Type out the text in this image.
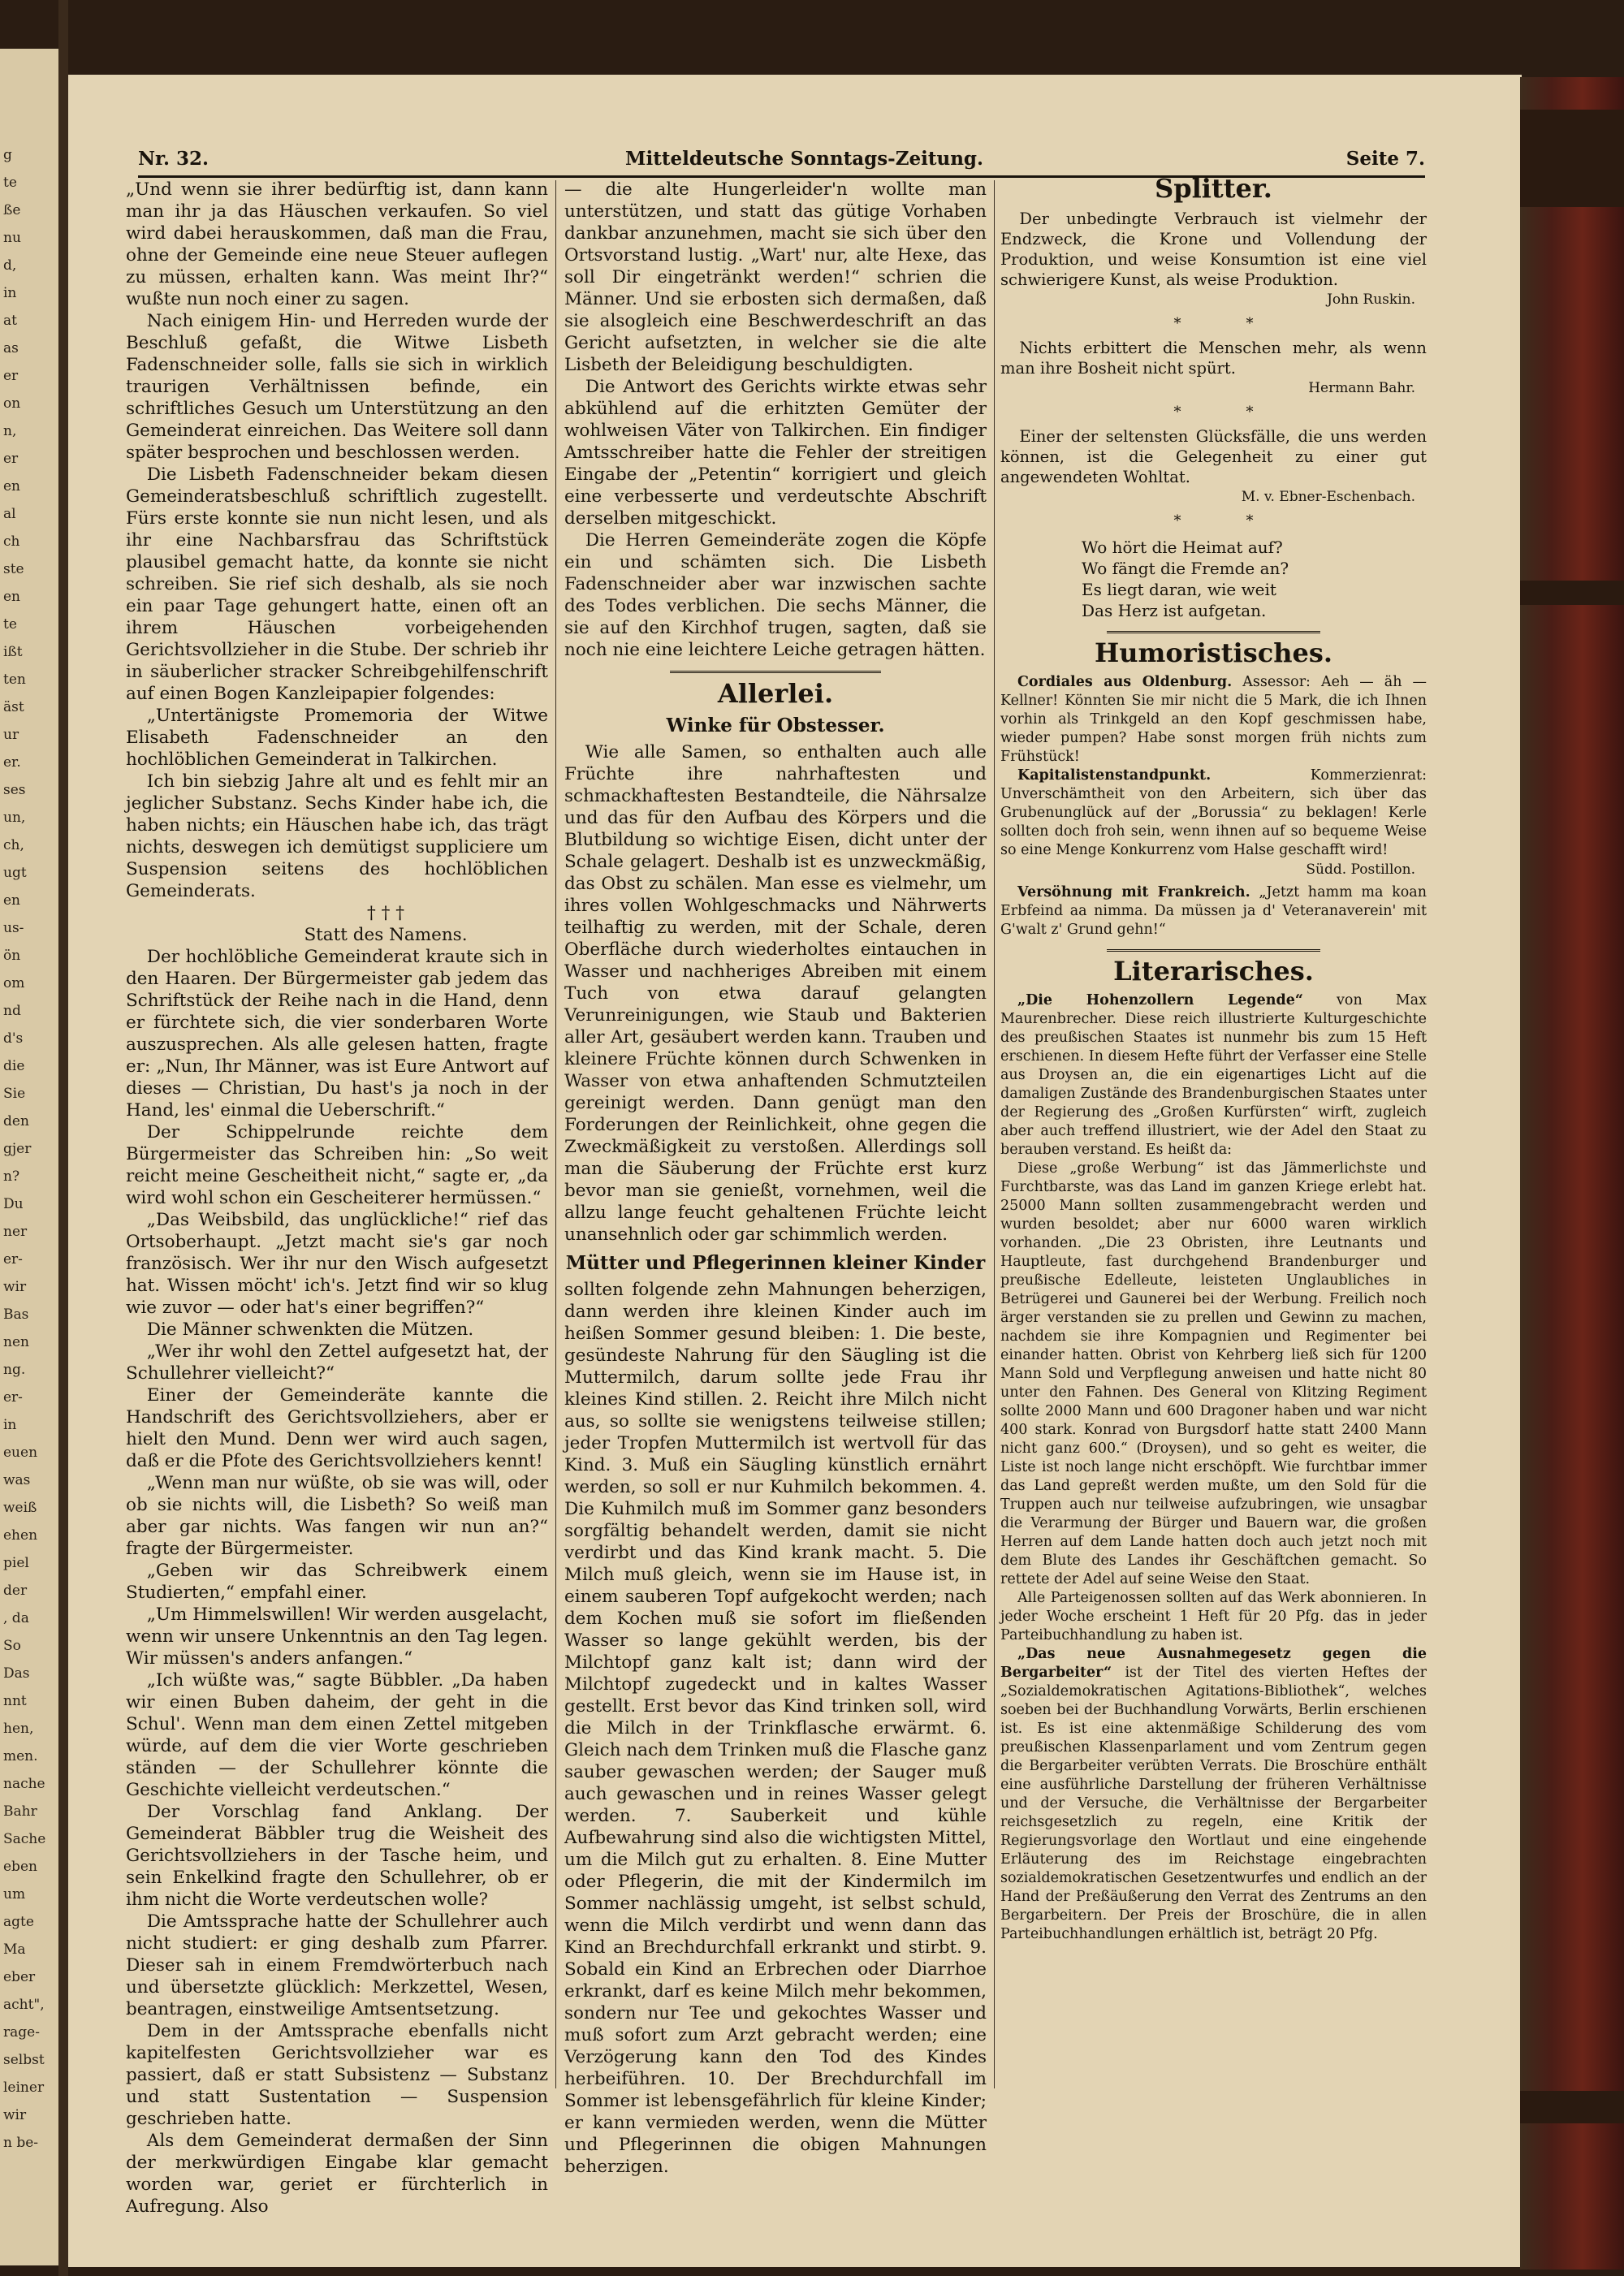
g
te
ße
nu
d,
in
at
as
er
on
n,
er
en
al
ch
ste
en
te
ißt
ten
äst
ur
er.
ses
un,
ch,
ugt
en
us-
ön
om
nd
d's
die
Sie
den
gjer
n?
Du
ner
er-
wir
Bas
nen
ng.
er-
in
euen
was
weiß
ehen
piel
der
, da
So
Das
nnt
hen,
men.
nache
Bahr
Sache
eben
um
agte
Ma
eber
acht",
rage-
selbst
leiner
wir
n be-
Nr. 32.	Mitteldeutsche Sonntags-Zeitung.	Seite 7.

„Und wenn sie ihrer bedürftig ist, dann kann man ihr ja das Häuschen verkaufen. So viel wird dabei herauskommen, daß man die Frau, ohne der Gemeinde eine neue Steuer auflegen zu müssen, erhalten kann. Was meint Ihr?“ wußte nun noch einer zu sagen.

Nach einigem Hin- und Herreden wurde der Beschluß gefaßt, die Witwe Lisbeth Fadenschneider solle, falls sie sich in wirklich traurigen Verhältnissen befinde, ein schriftliches Gesuch um Unterstützung an den Gemeinderat einreichen. Das Weitere soll dann später besprochen und beschlossen werden.

Die Lisbeth Fadenschneider bekam diesen Gemeinderatsbeschluß schriftlich zugestellt. Fürs erste konnte sie nun nicht lesen, und als ihr eine Nachbarsfrau das Schriftstück plausibel gemacht hatte, da konnte sie nicht schreiben. Sie rief sich deshalb, als sie noch ein paar Tage gehungert hatte, einen oft an ihrem Häuschen vorbeigehenden Gerichtsvollzieher in die Stube. Der schrieb ihr in säuberlicher stracker Schreibgehilfenschrift auf einen Bogen Kanzleipapier folgendes:

„Untertänigste Promemoria der Witwe Elisabeth Fadenschneider an den hochlöblichen Gemeinderat in Talkirchen.

Ich bin siebzig Jahre alt und es fehlt mir an jeglicher Substanz. Sechs Kinder habe ich, die haben nichts; ein Häuschen habe ich, das trägt nichts, deswegen ich demütigst suppliciere um Suspension seitens des hochlöblichen Gemeinderats.

† † †
Statt des Namens.

Der hochlöbliche Gemeinderat kraute sich in den Haaren. Der Bürgermeister gab jedem das Schriftstück der Reihe nach in die Hand, denn er fürchtete sich, die vier sonderbaren Worte auszusprechen. Als alle gelesen hatten, fragte er: „Nun, Ihr Männer, was ist Eure Antwort auf dieses — Christian, Du hast's ja noch in der Hand, les' einmal die Ueberschrift.“

Der Schippelrunde reichte dem Bürgermeister das Schreiben hin: „So weit reicht meine Gescheitheit nicht,“ sagte er, „da wird wohl schon ein Gescheiterer hermüssen.“

„Das Weibsbild, das unglückliche!“ rief das Ortsoberhaupt. „Jetzt macht sie's gar noch französisch. Wer ihr nur den Wisch aufgesetzt hat. Wissen möcht' ich's. Jetzt find wir so klug wie zuvor — oder hat's einer begriffen?“

Die Männer schwenkten die Mützen.

„Wer ihr wohl den Zettel aufgesetzt hat, der Schullehrer vielleicht?“

Einer der Gemeinderäte kannte die Handschrift des Gerichtsvollziehers, aber er hielt den Mund. Denn wer wird auch sagen, daß er die Pfote des Gerichtsvollziehers kennt!

„Wenn man nur wüßte, ob sie was will, oder ob sie nichts will, die Lisbeth? So weiß man aber gar nichts. Was fangen wir nun an?“ fragte der Bürgermeister.

„Geben wir das Schreibwerk einem Studierten,“ empfahl einer.

„Um Himmelswillen! Wir werden ausgelacht, wenn wir unsere Unkenntnis an den Tag legen. Wir müssen's anders anfangen.“

„Ich wüßte was,“ sagte Bübbler. „Da haben wir einen Buben daheim, der geht in die Schul'. Wenn man dem einen Zettel mitgeben würde, auf dem die vier Worte geschrieben ständen — der Schullehrer könnte die Geschichte vielleicht verdeutschen.“

Der Vorschlag fand Anklang. Der Gemeinderat Bäbbler trug die Weisheit des Gerichtsvollziehers in der Tasche heim, und sein Enkelkind fragte den Schullehrer, ob er ihm nicht die Worte verdeutschen wolle?

Die Amtssprache hatte der Schullehrer auch nicht studiert: er ging deshalb zum Pfarrer. Dieser sah in einem Fremdwörterbuch nach und übersetzte glücklich: Merkzettel, Wesen, beantragen, einstweilige Amtsentsetzung.

Dem in der Amtssprache ebenfalls nicht kapitelfesten Gerichtsvollzieher war es passiert, daß er statt Subsistenz — Substanz und statt Sustentation — Suspension geschrieben hatte.

Als dem Gemeinderat dermaßen der Sinn der merkwürdigen Eingabe klar gemacht worden war, geriet er fürchterlich in Aufregung. Also

— die alte Hungerleider'n wollte man unterstützen, und statt das gütige Vorhaben dankbar anzunehmen, macht sie sich über den Ortsvorstand lustig. „Wart' nur, alte Hexe, das soll Dir eingetränkt werden!“ schrien die Männer. Und sie erbosten sich dermaßen, daß sie alsogleich eine Beschwerdeschrift an das Gericht aufsetzten, in welcher sie die alte Lisbeth der Beleidigung beschuldigten.

Die Antwort des Gerichts wirkte etwas sehr abkühlend auf die erhitzten Gemüter der wohlweisen Väter von Talkirchen. Ein findiger Amtsschreiber hatte die Fehler der streitigen Eingabe der „Petentin“ korrigiert und gleich eine verbesserte und verdeutschte Abschrift derselben mitgeschickt.

Die Herren Gemeinderäte zogen die Köpfe ein und schämten sich. Die Lisbeth Fadenschneider aber war inzwischen sachte des Todes verblichen. Die sechs Männer, die sie auf den Kirchhof trugen, sagten, daß sie noch nie eine leichtere Leiche getragen hätten.

Allerlei.
Winke für Obstesser.

Wie alle Samen, so enthalten auch alle Früchte ihre nahrhaftesten und schmackhaftesten Bestandteile, die Nährsalze und das für den Aufbau des Körpers und die Blutbildung so wichtige Eisen, dicht unter der Schale gelagert. Deshalb ist es unzweckmäßig, das Obst zu schälen. Man esse es vielmehr, um ihres vollen Wohlgeschmacks und Nährwerts teilhaftig zu werden, mit der Schale, deren Oberfläche durch wiederholtes eintauchen in Wasser und nachheriges Abreiben mit einem Tuch von etwa darauf gelangten Verunreinigungen, wie Staub und Bakterien aller Art, gesäubert werden kann. Trauben und kleinere Früchte können durch Schwenken in Wasser von etwa anhaftenden Schmutzteilen gereinigt werden. Dann genügt man den Forderungen der Reinlichkeit, ohne gegen die Zweckmäßigkeit zu verstoßen. Allerdings soll man die Säuberung der Früchte erst kurz bevor man sie genießt, vornehmen, weil die allzu lange feucht gehaltenen Früchte leicht unansehnlich oder gar schimmlich werden.

Mütter und Pflegerinnen kleiner Kinder

sollten folgende zehn Mahnungen beherzigen, dann werden ihre kleinen Kinder auch im heißen Sommer gesund bleiben: 1. Die beste, gesündeste Nahrung für den Säugling ist die Muttermilch, darum sollte jede Frau ihr kleines Kind stillen. 2. Reicht ihre Milch nicht aus, so sollte sie wenigstens teilweise stillen; jeder Tropfen Muttermilch ist wertvoll für das Kind. 3. Muß ein Säugling künstlich ernährt werden, so soll er nur Kuhmilch bekommen. 4. Die Kuhmilch muß im Sommer ganz besonders sorgfältig behandelt werden, damit sie nicht verdirbt und das Kind krank macht. 5. Die Milch muß gleich, wenn sie im Hause ist, in einem sauberen Topf aufgekocht werden; nach dem Kochen muß sie sofort im fließenden Wasser so lange gekühlt werden, bis der Milchtopf ganz kalt ist; dann wird der Milchtopf zugedeckt und in kaltes Wasser gestellt. Erst bevor das Kind trinken soll, wird die Milch in der Trinkflasche erwärmt. 6. Gleich nach dem Trinken muß die Flasche ganz sauber gewaschen werden; der Sauger muß auch gewaschen und in reines Wasser gelegt werden. 7. Sauberkeit und kühle Aufbewahrung sind also die wichtigsten Mittel, um die Milch gut zu erhalten. 8. Eine Mutter oder Pflegerin, die mit der Kindermilch im Sommer nachlässig umgeht, ist selbst schuld, wenn die Milch verdirbt und wenn dann das Kind an Brechdurchfall erkrankt und stirbt. 9. Sobald ein Kind an Erbrechen oder Diarrhoe erkrankt, darf es keine Milch mehr bekommen, sondern nur Tee und gekochtes Wasser und muß sofort zum Arzt gebracht werden; eine Verzögerung kann den Tod des Kindes herbeiführen. 10. Der Brechdurchfall im Sommer ist lebensgefährlich für kleine Kinder; er kann vermieden werden, wenn die Mütter und Pflegerinnen die obigen Mahnungen beherzigen.

Splitter.

Der unbedingte Verbrauch ist vielmehr der Endzweck, die Krone und Vollendung der Produktion, und weise Konsumtion ist eine viel schwierigere Kunst, als weise Produktion.

John Ruskin.
**

Nichts erbittert die Menschen mehr, als wenn man ihre Bosheit nicht spürt.

Hermann Bahr.
**

Einer der seltensten Glücksfälle, die uns werden können, ist die Gelegenheit zu einer gut angewendeten Wohltat.

M. v. Ebner-Eschenbach.
**
Wo hört die Heimat auf?
Wo fängt die Fremde an?
Es liegt daran, wie weit
Das Herz ist aufgetan.
Humoristisches.

Cordiales aus Oldenburg. Assessor: Aeh — äh — Kellner! Könnten Sie mir nicht die 5 Mark, die ich Ihnen vorhin als Trinkgeld an den Kopf geschmissen habe, wieder pumpen? Habe sonst morgen früh nichts zum Frühstück!

Kapitalistenstandpunkt.	Kommerzienrat: Unverschämtheit von den Arbeitern, sich über das Grubenunglück auf der „Borussia“ zu beklagen! Kerle sollten doch froh sein, wenn ihnen auf so bequeme Weise so eine Menge Konkurrenz vom Halse geschafft wird!

Südd. Postillon.

Versöhnung mit Frankreich. „Jetzt hamm ma koan Erbfeind aa nimma. Da müssen ja d' Veteranaverein' mit G'walt z' Grund gehn!“

Literarisches.

„Die Hohenzollern Legende“ von Max Maurenbrecher. Diese reich illustrierte Kulturgeschichte des preußischen Staates ist nunmehr bis zum 15 Heft erschienen. In diesem Hefte führt der Verfasser eine Stelle aus Droysen an, die ein eigenartiges Licht auf die damaligen Zustände des Brandenburgischen Staates unter der Regierung des „Großen Kurfürsten“ wirft, zugleich aber auch treffend illustriert, wie der Adel den Staat zu berauben verstand. Es heißt da:

Diese „große Werbung“ ist das Jämmerlichste und Furchtbarste, was das Land im ganzen Kriege erlebt hat. 25000 Mann sollten zusammengebracht werden und wurden besoldet; aber nur 6000 waren wirklich vorhanden. „Die 23 Obristen, ihre Leutnants und Hauptleute, fast durchgehend Brandenburger und preußische Edelleute, leisteten Unglaubliches in Betrügerei und Gaunerei bei der Werbung. Freilich noch ärger verstanden sie zu prellen und Gewinn zu machen, nachdem sie ihre Kompagnien und Regimenter bei einander hatten. Obrist von Kehrberg ließ sich für 1200 Mann Sold und Verpflegung anweisen und hatte nicht 80 unter den Fahnen. Des General von Klitzing Regiment sollte 2000 Mann und 600 Dragoner haben und war nicht 400 stark. Konrad von Burgsdorf hatte statt 2400 Mann nicht ganz 600.“ (Droysen), und so geht es weiter, die Liste ist noch lange nicht erschöpft. Wie furchtbar immer das Land gepreßt werden mußte, um den Sold für die Truppen auch nur teilweise aufzubringen, wie unsagbar die Verarmung der Bürger und Bauern war, die großen Herren auf dem Lande hatten doch auch jetzt noch mit dem Blute des Landes ihr Geschäftchen gemacht. So rettete der Adel auf seine Weise den Staat.

Alle Parteigenossen sollten auf das Werk abonnieren. In jeder Woche erscheint 1 Heft für 20 Pfg. das in jeder Parteibuchhandlung zu haben ist.

„Das neue Ausnahmegesetz gegen die Bergarbeiter“ ist der Titel des vierten Heftes der „Sozialdemokratischen Agitations-Bibliothek“, welches soeben bei der Buchhandlung Vorwärts, Berlin erschienen ist. Es ist eine aktenmäßige Schilderung des vom preußischen Klassenparlament und vom Zentrum gegen die Bergarbeiter verübten Verrats. Die Broschüre enthält eine ausführliche Darstellung der früheren Verhältnisse und der Versuche, die Verhältnisse der Bergarbeiter reichsgesetzlich zu regeln, eine Kritik der Regierungsvorlage den Wortlaut und eine eingehende Erläuterung des im Reichstage eingebrachten sozialdemokratischen Gesetzentwurfes und endlich an der Hand der Preßäußerung den Verrat des Zentrums an den Bergarbeitern. Der Preis der Broschüre, die in allen Parteibuchhandlungen erhältlich ist, beträgt 20 Pfg.
